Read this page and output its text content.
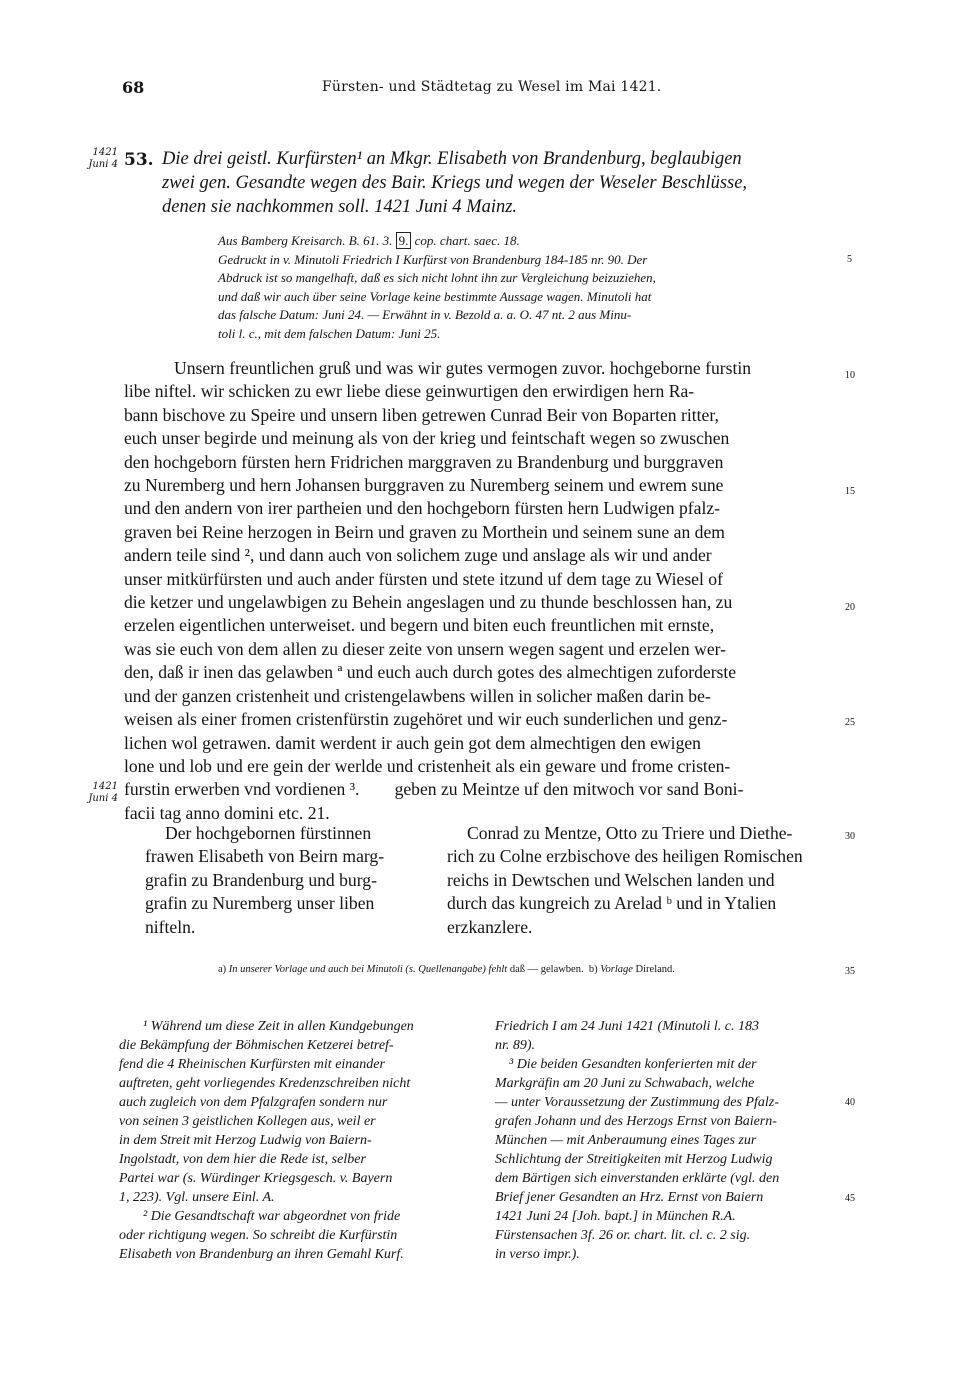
68	Fürsten- und Städtetag zu Wesel im Mai 1421.
1421
Juni 4 53. Die drei geistl. Kurfürsten¹ an Mkgr. Elisabeth von Brandenburg, beglaubigen
zwei gen. Gesandte wegen des Bair. Kriegs und wegen der Weseler Beschlüsse,
denen sie nachkommen soll. 1421 Juni 4 Mainz.
Aus Bamberg Kreisarch. B. 61. 3. 9. cop. chart. saec. 18.
Gedruckt in v. Minutoli Friedrich I Kurfürst von Brandenburg 184-185 nr. 90. Der
Abdruck ist so mangelhaft, daß es sich nicht lohnt ihn zur Vergleichung beizuziehen,
und daß wir auch über seine Vorlage keine bestimmte Aussage wagen. Minutoli hat
das falsche Datum: Juni 24. — Erwähnt in v. Bezold a. a. O. 47 nt. 2 aus Minu-
toli l. c., mit dem falschen Datum: Juni 25.
5
10
15
20
25
30
35
40
45
Unsern freuntlichen gruß und was wir gutes vermogen zuvor. hochgeborne furstin
libe niftel. wir schicken zu ewr liebe diese geinwurtigen den erwirdigen hern Ra-
bann bischove zu Speire und unsern liben getrewen Cunrad Beir von Boparten ritter,
euch unser begirde und meinung als von der krieg und feintschaft wegen so zwuschen
den hochgeborn fürsten hern Fridrichen marggraven zu Brandenburg und burggraven
zu Nuremberg und hern Johansen burggraven zu Nuremberg seinem und ewrem sune
und den andern von irer partheien und den hochgeborn fürsten hern Ludwigen pfalz-
graven bei Reine herzogen in Beirn und graven zu Morthein und seinem sune an dem
andern teile sind ², und dann auch von solichem zuge und anslage als wir und ander
unser mitkürfürsten und auch ander fürsten und stete itzund uf dem tage zu Wiesel of
die ketzer und ungelawbigen zu Behein angeslagen und zu thunde beschlossen han, zu
erzelen eigentlichen unterweiset. und begern und biten euch freuntlichen mit ernste,
was sie euch von dem allen zu dieser zeite von unsern wegen sagent und erzelen wer-
den, daß ir inen das gelawben ª und euch auch durch gotes des almechtigen zuforderste
und der ganzen cristenheit und cristengelawbens willen in solicher maßen darin be-
weisen als einer fromen cristenfürstin zugehöret und wir euch sunderlichen und genz-
lichen wol getrawen. damit werdent ir auch gein got dem almechtigen den ewigen
lone und lob und ere gein der werlde und cristenheit als ein geware und frome cristen-
furstin erwerben vnd vordienen ³.        geben zu Meintze uf den mitwoch vor sand Boni-
facii tag anno domini etc. 21.
1421
Juni 4
Der hochgebornen fürstinnen
frawen Elisabeth von Beirn marg-
grafin zu Brandenburg und burg-
grafin zu Nuremberg unser liben
nifteln.
Conrad zu Mentze, Otto zu Triere und Diethe-
rich zu Colne erzbischove des heiligen Romischen
reichs in Dewtschen und Welschen landen und
durch das kungreich zu Arelad ᵇ und in Ytalien
erzkanzlere.
a) In unserer Vorlage und auch bei Minutoli (s. Quellenangabe) fehlt daß — gelawben. b) Vorlage Direland.
¹ Während um diese Zeit in allen Kundgebungen
die Bekämpfung der Böhmischen Ketzerei betref-
fend die 4 Rheinischen Kurfürsten mit einander
auftreten, geht vorliegendes Kredenzschreiben nicht
auch zugleich von dem Pfalzgrafen sondern nur
von seinen 3 geistlichen Kollegen aus, weil er
in dem Streit mit Herzog Ludwig von Baiern-
Ingolstadt, von dem hier die Rede ist, selber
Partei war (s. Würdinger Kriegsgesch. v. Bayern
1, 223). Vgl. unsere Einl. A.
² Die Gesandtschaft war abgeordnet von fride
oder richtigung wegen. So schreibt die Kurfürstin
Elisabeth von Brandenburg an ihren Gemahl Kurf.
Friedrich I am 24 Juni 1421 (Minutoli l. c. 183
nr. 89).
³ Die beiden Gesandten konferierten mit der
Markgräfin am 20 Juni zu Schwabach, welche
— unter Voraussetzung der Zustimmung des Pfalz-
grafen Johann und des Herzogs Ernst von Baiern-
München — mit Anberaumung eines Tages zur
Schlichtung der Streitigkeiten mit Herzog Ludwig
dem Bärtigen sich einverstanden erklärte (vgl. den
Brief jener Gesandten an Hrz. Ernst von Baiern
1421 Juni 24 [Joh. bapt.] in München R.A.
Fürstensachen 3f. 26 or. chart. lit. cl. c. 2 sig.
in verso impr.).
